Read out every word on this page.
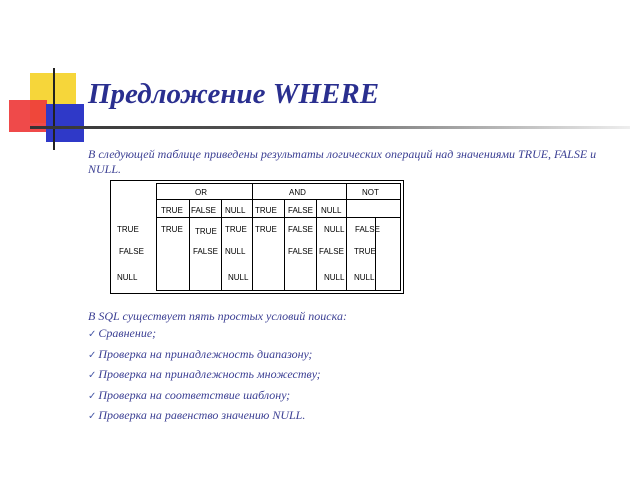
Предложение WHERE
В следующей таблице приведены результаты логических операций над значениями TRUE, FALSE и NULL.
OR	AND	NOT
TRUE FALSE NULL TRUE FALSE NULL
TRUE
FALSE
NULL
TRUE TRUE TRUE
FALSE NULL
NULL
TRUE FALSE NULL
FALSE FALSE
NULL
FALSE
TRUE
NULL
В SQL существует пять простых условий поиска:
✓ Сравнение;
✓ Проверка на принадлежность диапазону;
✓ Проверка на принадлежность множеству;
✓ Проверка на соответствие шаблону;
✓ Проверка на равенство значению NULL.
